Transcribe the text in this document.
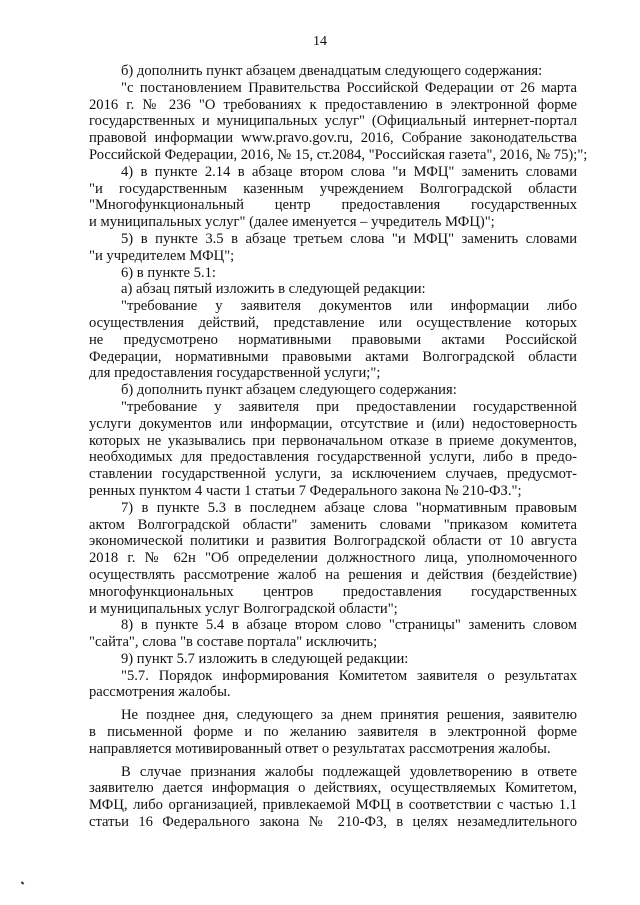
14
б) дополнить пункт абзацем двенадцатым следующего содержания:
"с постановлением Правительства Российской Федерации от 26 марта
2016 г. № 236 "О требованиях к предоставлению в электронной форме
государственных и муниципальных услуг" (Официальный интернет-портал
правовой информации www.pravo.gov.ru, 2016, Собрание законодательства
Российской Федерации, 2016, № 15, ст.2084, "Российская газета", 2016, № 75);";
4) в пункте 2.14 в абзаце втором слова "и МФЦ" заменить словами
"и государственным казенным учреждением Волгоградской области
"Многофункциональный центр предоставления государственных
и муниципальных услуг" (далее именуется – учредитель МФЦ)";
5) в пункте 3.5 в абзаце третьем слова "и МФЦ" заменить словами
"и учредителем МФЦ";
6) в пункте 5.1:
а) абзац пятый изложить в следующей редакции:
"требование у заявителя документов или информации либо
осуществления действий, представление или осуществление которых
не предусмотрено нормативными правовыми актами Российской
Федерации, нормативными правовыми актами Волгоградской области
для предоставления государственной услуги;";
б) дополнить пункт абзацем следующего содержания:
"требование у заявителя при предоставлении государственной
услуги документов или информации, отсутствие и (или) недостоверность
которых не указывались при первоначальном отказе в приеме документов,
необходимых для предоставления государственной услуги, либо в предо-
ставлении государственной услуги, за исключением случаев, предусмот-
ренных пунктом 4 части 1 статьи 7 Федерального закона № 210-ФЗ.";
7) в пункте 5.3 в последнем абзаце слова "нормативным правовым
актом Волгоградской области" заменить словами "приказом комитета
экономической политики и развития Волгоградской области от 10 августа
2018 г. № 62н "Об определении должностного лица, уполномоченного
осуществлять рассмотрение жалоб на решения и действия (бездействие)
многофункциональных центров предоставления государственных
и муниципальных услуг Волгоградской области";
8) в пункте 5.4 в абзаце втором слово "страницы" заменить словом
"сайта", слова "в составе портала" исключить;
9) пункт 5.7 изложить в следующей редакции:
"5.7. Порядок информирования Комитетом заявителя о результатах
рассмотрения жалобы.
Не позднее дня, следующего за днем принятия решения, заявителю
в письменной форме и по желанию заявителя в электронной форме
направляется мотивированный ответ о результатах рассмотрения жалобы.
В случае признания жалобы подлежащей удовлетворению в ответе
заявителю дается информация о действиях, осуществляемых Комитетом,
МФЦ, либо организацией, привлекаемой МФЦ в соответствии с частью 1.1
статьи 16 Федерального закона № 210-ФЗ, в целях незамедлительного
